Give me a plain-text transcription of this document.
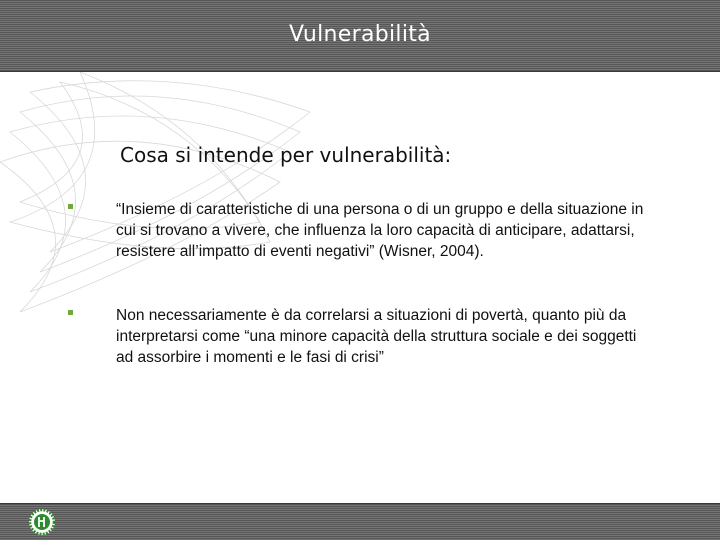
Vulnerabilità
Cosa si intende per vulnerabilità:
“Insieme di caratteristiche di una persona o di un gruppo e della situazione in cui si trovano a vivere, che influenza la loro capacità di anticipare, adattarsi, resistere all’impatto di eventi negativi” (Wisner, 2004).
Non necessariamente è da correlarsi a situazioni di povertà, quanto più da interpretarsi come “una minore capacità della struttura sociale e dei soggetti ad assorbire i momenti e le fasi di crisi”
